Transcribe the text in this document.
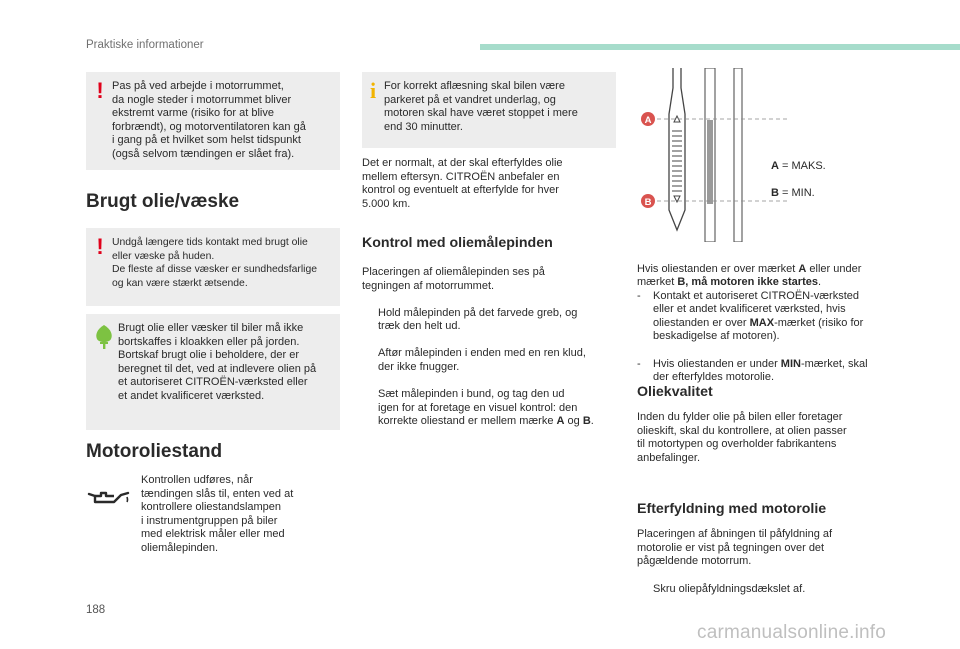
Praktiske informationer
! Pas på ved arbejde i motorrummet,
da nogle steder i motorrummet bliver
ekstremt varme (risiko for at blive
forbrændt), og motorventilatoren kan gå
i gang på et hvilket som helst tidspunkt
(også selvom tændingen er slået fra).
Brugt olie/væske
! Undgå længere tids kontakt med brugt olie
eller væske på huden.
De fleste af disse væsker er sundhedsfarlige
og kan være stærkt ætsende.
Brugt olie eller væsker til biler må ikke
bortskaffes i kloakken eller på jorden.
Bortskaf brugt olie i beholdere, der er
beregnet til det, ved at indlevere olien på
et autoriseret CITROËN-værksted eller
et andet kvalificeret værksted.
Motoroliestand
Kontrollen udføres, når
tændingen slås til, enten ved at
kontrollere oliestandslampen
i instrumentgruppen på biler
med elektrisk måler eller med
oliemålepinden.
i For korrekt aflæsning skal bilen være
parkeret på et vandret underlag, og
motoren skal have været stoppet i mere
end 30 minutter.
Det er normalt, at der skal efterfyldes olie
mellem eftersyn. CITROËN anbefaler en
kontrol og eventuelt at efterfylde for hver
5.000 km.
Kontrol med oliemålepinden
Placeringen af oliemålepinden ses på
tegningen af motorrummet.

Hold målepinden på det farvede greb, og
træk den helt ud.

Aftør målepinden i enden med en ren klud,
der ikke fnugger.

Sæt målepinden i bund, og tag den ud
igen for at foretage en visuel kontrol: den
korrekte oliestand er mellem mærke A og B.

A
B

A = MAKS.

B = MIN.

Hvis oliestanden er over mærket A eller under
mærket B, må motoren ikke startes.

- Kontakt et autoriseret CITROËN-værksted
eller et andet kvalificeret værksted, hvis
oliestanden er over MAX-mærket (risiko for
beskadigelse af motoren).

- Hvis oliestanden er under MIN-mærket, skal
der efterfyldes motorolie.

Oliekvalitet
Inden du fylder olie på bilen eller foretager
olieskift, skal du kontrollere, at olien passer
til motortypen og overholder fabrikantens
anbefalinger.
Efterfyldning med motorolie
Placeringen af åbningen til påfyldning af
motorolie er vist på tegningen over det
pågældende motorrum.

Skru oliepåfyldningsdækslet af.

188
carmanualsonline.info
